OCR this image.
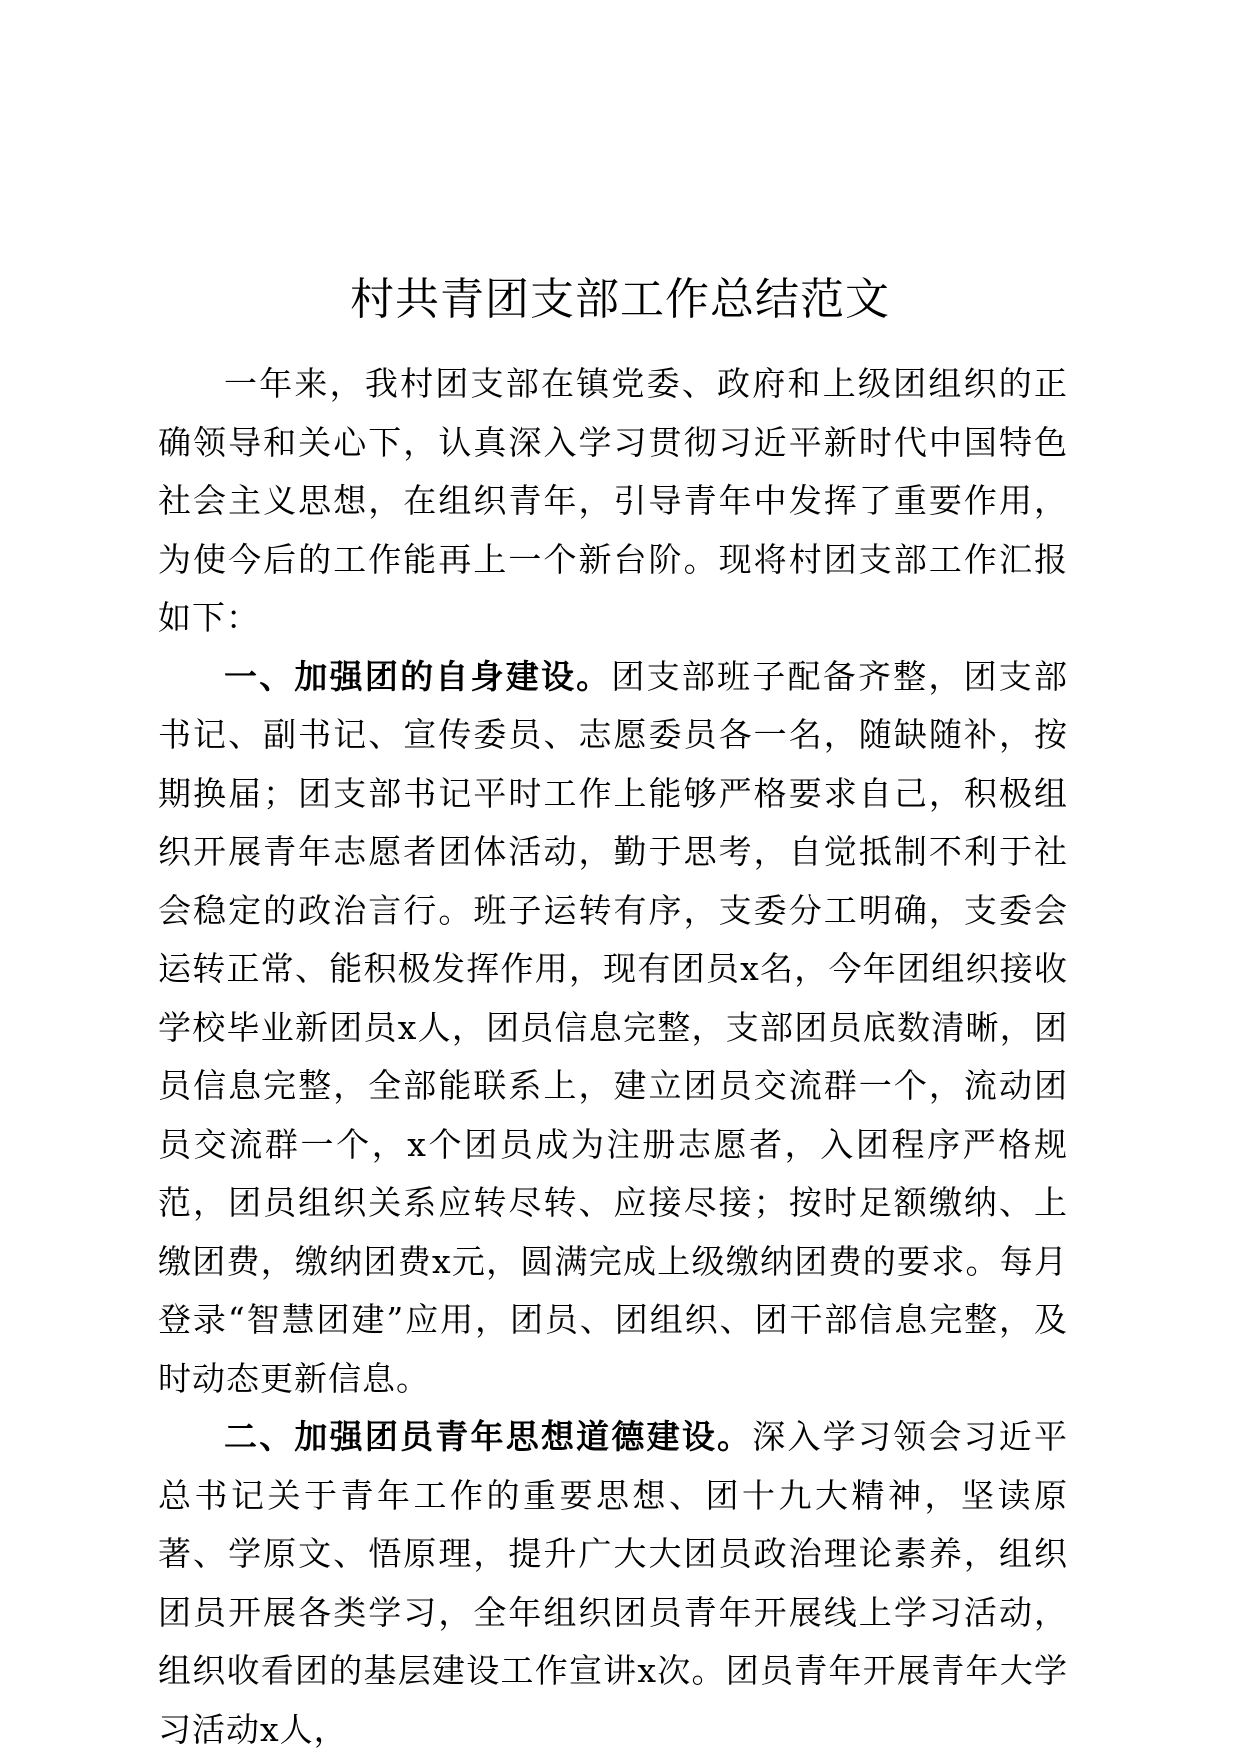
村共青团支部工作总结范文

一年来，我村团支部在镇党委、政府和上级团组织的正确领导和关心下，认真深入学习贯彻习近平新时代中国特色社会主义思想，在组织青年，引导青年中发挥了重要作用，为使今后的工作能再上一个新台阶。现将村团支部工作汇报如下：

一、加强团的自身建设。团支部班子配备齐整，团支部书记、副书记、宣传委员、志愿委员各一名，随缺随补，按期换届；团支部书记平时工作上能够严格要求自己，积极组织开展青年志愿者团体活动，勤于思考，自觉抵制不利于社会稳定的政治言行。班子运转有序，支委分工明确，支委会运转正常、能积极发挥作用，现有团员x名，今年团组织接收学校毕业新团员x人，团员信息完整，支部团员底数清晰，团员信息完整，全部能联系上，建立团员交流群一个，流动团员交流群一个，x个团员成为注册志愿者，入团程序严格规范，团员组织关系应转尽转、应接尽接；按时足额缴纳、上缴团费，缴纳团费x元，圆满完成上级缴纳团费的要求。每月登录“智慧团建”应用，团员、团组织、团干部信息完整，及时动态更新信息。

二、加强团员青年思想道德建设。深入学习领会习近平总书记关于青年工作的重要思想、团十九大精神，坚读原著、学原文、悟原理，提升广大大团员政治理论素养，组织团员开展各类学习，全年组织团员青年开展线上学习活动，组织收看团的基层建设工作宣讲x次。团员青年开展青年大学习活动x人，
